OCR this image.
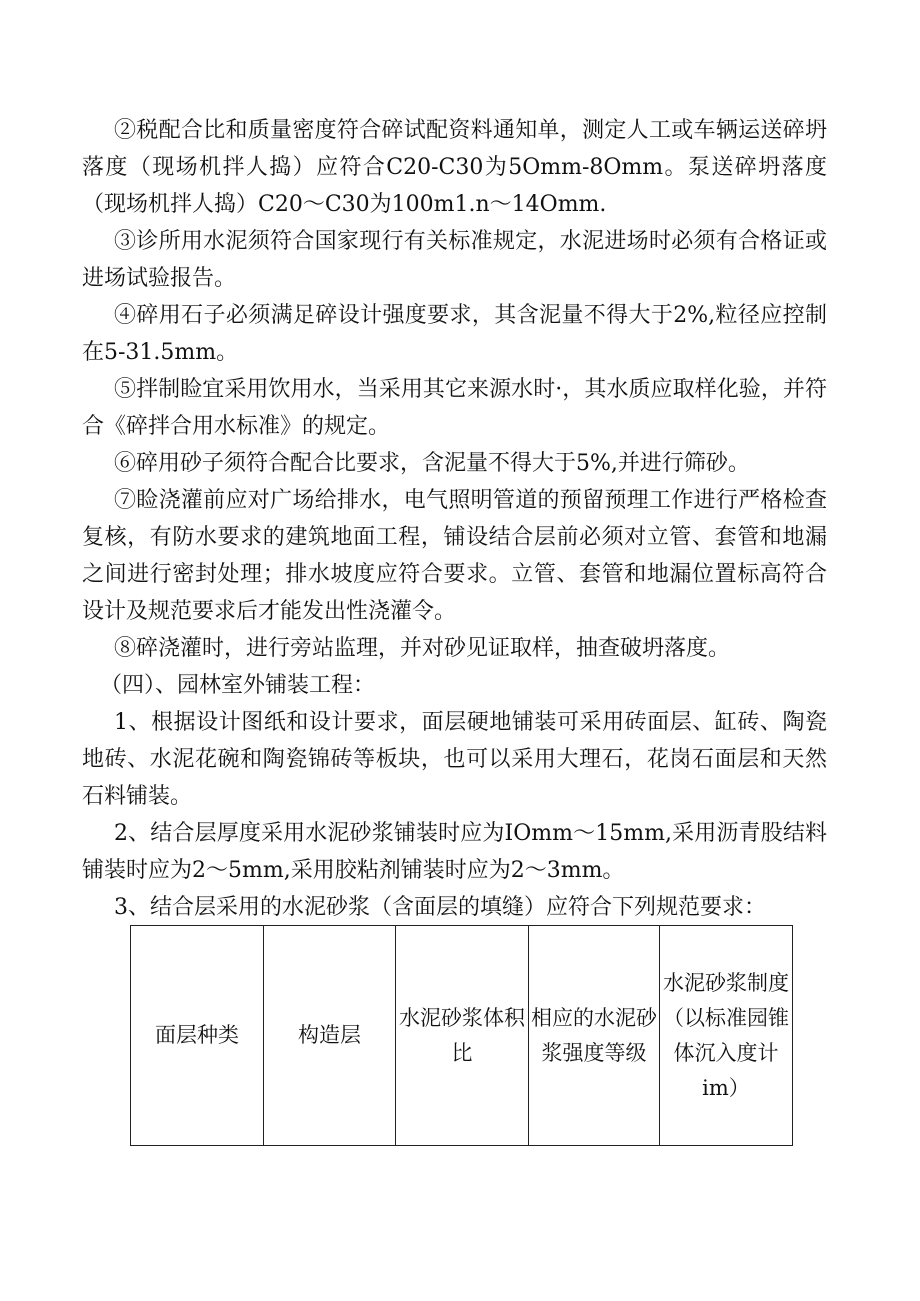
②税配合比和质量密度符合碎试配资料通知单，测定人工或车辆运送碎坍落度（现场机拌人捣）应符合C20-C30为5Omm-8Omm。泵送碎坍落度（现场机拌人捣）C20～C30为100m1.n～14Omm.

③诊所用水泥须符合国家现行有关标准规定，水泥进场时必须有合格证或进场试验报告。

④碎用石子必须满足碎设计强度要求，其含泥量不得大于2%,粒径应控制在5-31.5mm。

⑤拌制睑宜采用饮用水，当采用其它来源水时·，其水质应取样化验，并符合《碎拌合用水标准》的规定。

⑥碎用砂子须符合配合比要求，含泥量不得大于5%,并进行筛砂。

⑦睑浇灌前应对广场给排水，电气照明管道的预留预理工作进行严格检查复核，有防水要求的建筑地面工程，铺设结合层前必须对立管、套管和地漏之间进行密封处理；排水坡度应符合要求。立管、套管和地漏位置标高符合设计及规范要求后才能发出性浇灌令。

⑧碎浇灌时，进行旁站监理，并对砂见证取样，抽查破坍落度。

（四）、园林室外铺装工程：

1、根据设计图纸和设计要求，面层硬地铺装可采用砖面层、缸砖、陶瓷地砖、水泥花碗和陶瓷锦砖等板块，也可以采用大理石，花岗石面层和天然石料铺装。

2、结合层厚度采用水泥砂浆铺装时应为IOmm～15mm,采用沥青股结料铺装时应为2～5mm,采用胶粘剂铺装时应为2～3mm。

3、结合层采用的水泥砂浆（含面层的填缝）应符合下列规范要求：

面层种类	构造层	水泥砂浆体积比	相应的水泥砂浆强度等级	水泥砂浆制度（以标准园锥体沉入度计im）
